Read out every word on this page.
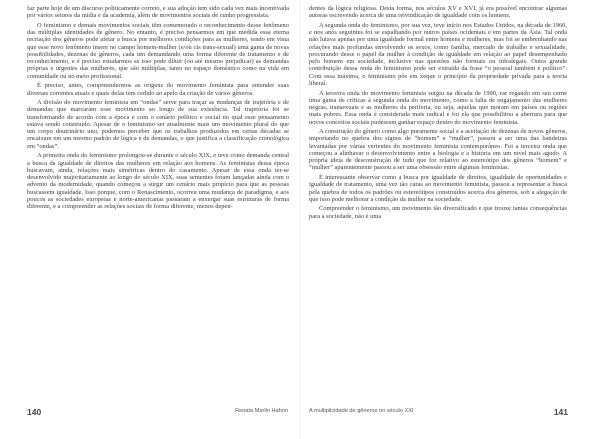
faz parte hoje de um discurso politicamente correto, e sua adoção tem sido cada vez mais incentivada por vários setores da mídia e da academia, além de movimentos sociais de cunho progressista.

O feminismo e demais movimentos sociais têm comemorado o reconhecimento desse fenômeno das múltiplas identidades de gênero. No entanto, é preciso pensarmos em que medida essa eterna recriação dos gêneros pode afetar a busca por melhores condições para as mulheres, tendo em vista que esse novo fenômeno insere no campo homem-mulher (e/ou cis trans-sexual) uma gama de novas possibilidades, dezenas de gêneros, cada um demandando uma forma diferente de tratamento e de reconhecimento, e é preciso estudarmos se isso pode diluir (ou até mesmo prejudicar) as demandas próprias e urgentes das mulheres, que são múltiplas, tanto no espaço doméstico como na vida em comunidade ou no meio profissional.

É preciso, antes, compreendermos as origens do movimento feminista para entender suas diversas correntes atuais e quais delas tem cedido ao apelo da criação de vários gêneros.

A divisão do movimento feminista em “ondas” serve para traçar as mudanças de trajetória e de demandas que marcaram esse movimento ao longo de sua existência. Tal trajetória foi se transformando de acordo com a época e com o cenário político e social no qual esse pensamento estava sendo construído. Apesar de o feminismo ser atualmente mais um movimento plural do que um corpo doutrinário uno, podemos perceber que os trabalhos produzidos em certas décadas se encaixam em um mesmo padrão de lógica e de demandas, o que justifica a classificação cronológica em “ondas”.

A primeira onda do feminismo prolongou-se durante o século XIX, e teve como demanda central a busca da igualdade de direitos das mulheres em relação aos homens. As feministas dessa época buscavam, ainda, relações mais simétricas dentro do casamento. Apesar de essa onda ter-se desenvolvido majoritariamente ao longo do século XIX, suas sementes foram lançadas ainda com o advento da modernidade, quando começou a surgir um cenário mais propício para que as pessoas buscassem igualdade. Isso porque, com o Renascimento, ocorreu uma mudança de paradigma, e aos poucos as sociedades europeias e norte-americanas passaram a enxergar suas estruturas de forma diferente, e a compreender as relações sociais de forma diferente, menos depen-

140	Renata Marlin Hahon

dentes da lógica religiosa. Desta forma, nos séculos XV e XVI, já era possível encontrar algumas autoras escrevendo acerca de uma reivindicação de igualdade com os homens.

A segunda onda do feminismo, por sua vez, teve início nos Estados Unidos, na década de 1960, e nos anos seguintes foi se espalhando por outros países ocidentais e em partes da Ásia. Tal onda não lutava apenas por uma igualdade formal entre homens e mulheres, mas foi se embrenhando nas relações mais profundas envolvendo os sexos, como família, mercado de trabalho e sexualidade, procurando desse o papel da mulher à condição de igualdade em relação ao papel desempenhado pelo homem em sociedade, inclusive nas questões não formais ou infralegais. Outra grande contribuição dessa onda do feminismo pode ser extraída da frase “o pessoal também é político”. Com essa máxima, o feminismo pôs em xeque o princípio da propriedade privada para a teoria liberal.

A terceira onda do movimento feminista surgiu na década de 1990, rar regando em seu cerne uma gama de críticas à segunda onda do movimento, como a falta de engajamento das mulheres negras, transexuais e as mulheres da periferia, ou seja, aquelas que moram em países ou regiões mais pobres. Essa onda é considerada mais radical e foi ela que possibilitou a abertura para que novos conceitos sociais pudessem ganhar espaço dentro do movimento feminista.

A construção do gênero como algo puramente social e a aceitação de dezenas de novos gêneros, importando no quebra dos signos de “homem” e “mulher”, passou a ser uma das bandeiras levantadas por várias vertentes do movimento feminista contemporâneo. Foi a terceira onda que começou a alinhavar o desenvolvimento entre a biologia e a história em um nível mais agudo. A própria ideia de desconstrução de tudo que for relativo ao estereótipo dos gêneros “homem” e “mulher” aparentemente passou a ser uma obsessão entre algumas feministas.

É interessante observar como a busca por igualdade de direitos, igualdade de oportunidades e igualdade de tratamento, uma vez tão caras ao movimento feminista, passou a representar a busca pela quebra de todos os padrões ou estereótipos construídos acerca dos gêneros, sob a alegação de que isso pode melhorar a condição da mulher na sociedade.

Compreender o feminismo, um movimento tão diversificado e que trouxe tantas consequências para a sociedade, não é uma

A multiplicidade de gêneros no século XXI	141
